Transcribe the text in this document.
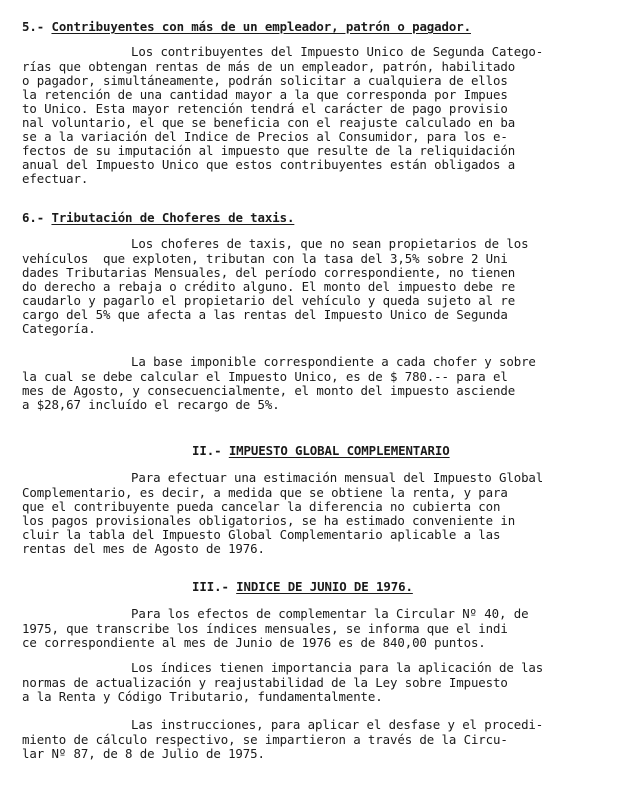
5.- Contribuyentes con más de un empleador, patrón o pagador.
Los contribuyentes del Impuesto Unico de Segunda Catego-
rías que obtengan rentas de más de un empleador, patrón, habilitado
o pagador, simultáneamente, podrán solicitar a cualquiera de ellos
la retención de una cantidad mayor a la que corresponda por Impues
to Unico. Esta mayor retención tendrá el carácter de pago provisio
nal voluntario, el que se beneficia con el reajuste calculado en ba
se a la variación del Indice de Precios al Consumidor, para los e-
fectos de su imputación al impuesto que resulte de la reliquidación
anual del Impuesto Unico que estos contribuyentes están obligados a
efectuar.
6.- Tributación de Choferes de taxis.
Los choferes de taxis, que no sean propietarios de los
vehículos  que exploten, tributan con la tasa del 3,5% sobre 2 Uni
dades Tributarias Mensuales, del período correspondiente, no tienen
do derecho a rebaja o crédito alguno. El monto del impuesto debe re
caudarlo y pagarlo el propietario del vehículo y queda sujeto al re
cargo del 5% que afecta a las rentas del Impuesto Unico de Segunda
Categoría.
La base imponible correspondiente a cada chofer y sobre
la cual se debe calcular el Impuesto Unico, es de $ 780.-- para el
mes de Agosto, y consecuencialmente, el monto del impuesto asciende
a $28,67 incluído el recargo de 5%.
II.- IMPUESTO GLOBAL COMPLEMENTARIO
Para efectuar una estimación mensual del Impuesto Global
Complementario, es decir, a medida que se obtiene la renta, y para
que el contribuyente pueda cancelar la diferencia no cubierta con
los pagos provisionales obligatorios, se ha estimado conveniente in
cluir la tabla del Impuesto Global Complementario aplicable a las
rentas del mes de Agosto de 1976.
III.- INDICE DE JUNIO DE 1976.
Para los efectos de complementar la Circular Nº 40, de
1975, que transcribe los índices mensuales, se informa que el indi
ce correspondiente al mes de Junio de 1976 es de 840,00 puntos.
Los índices tienen importancia para la aplicación de las
normas de actualización y reajustabilidad de la Ley sobre Impuesto
a la Renta y Código Tributario, fundamentalmente.
Las instrucciones, para aplicar el desfase y el procedi-
miento de cálculo respectivo, se impartieron a través de la Circu-
lar Nº 87, de 8 de Julio de 1975.
